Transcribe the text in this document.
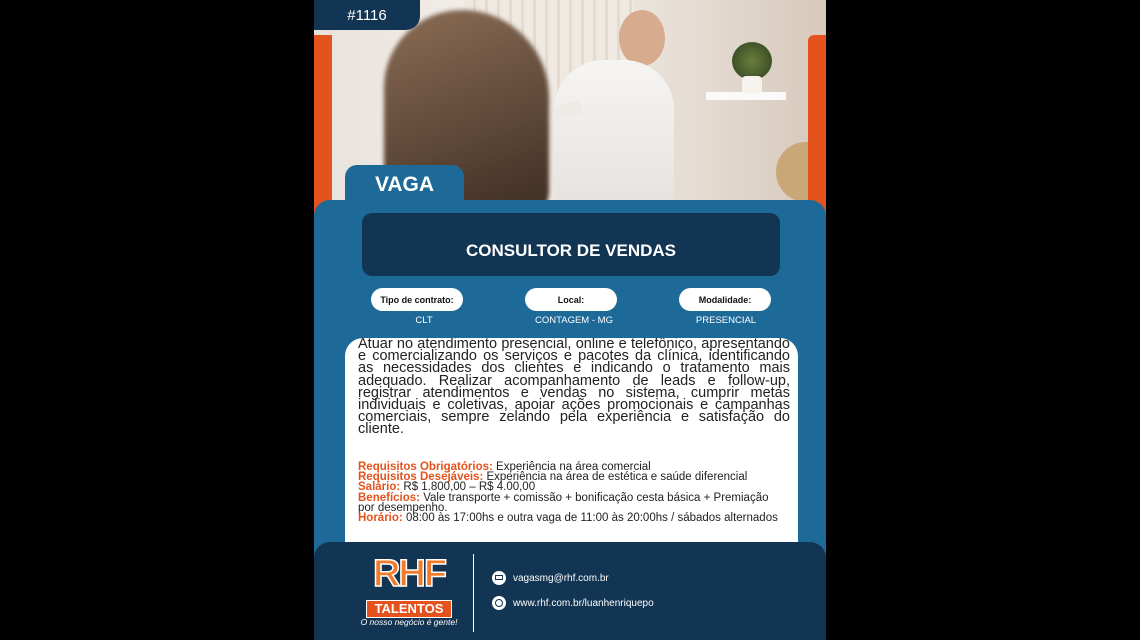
#1116
VAGA
CONSULTOR DE VENDAS
Tipo de contrato:	Local:	Modalidade:
CLT	CONTAGEM - MG	PRESENCIAL
Atuar no atendimento presencial, online e telefônico, apresentando e comercializando os serviços e pacotes da clínica, identificando as necessidades dos clientes e indicando o tratamento mais adequado. Realizar acompanhamento de leads e follow-up, registrar atendimentos e vendas no sistema, cumprir metas individuais e coletivas, apoiar ações promocionais e campanhas comerciais, sempre zelando pela experiência e satisfação do cliente.
Requisitos Obrigatórios: Experiência na área comercial
Requisitos Desejáveis: Experiência na área de estética e saúde diferencial
Salário: R$ 1.800,00 – R$ 4.00,00
Benefícios: Vale transporte + comissão + bonificação cesta básica + Premiação por desempenho.
Horário: 08:00 às 17:00hs e outra vaga de 11:00 às 20:00hs / sábados alternados
RHF
TALENTOS
O nosso negócio é gente!
vagasmg@rhf.com.br
www.rhf.com.br/luanhenriquepo
